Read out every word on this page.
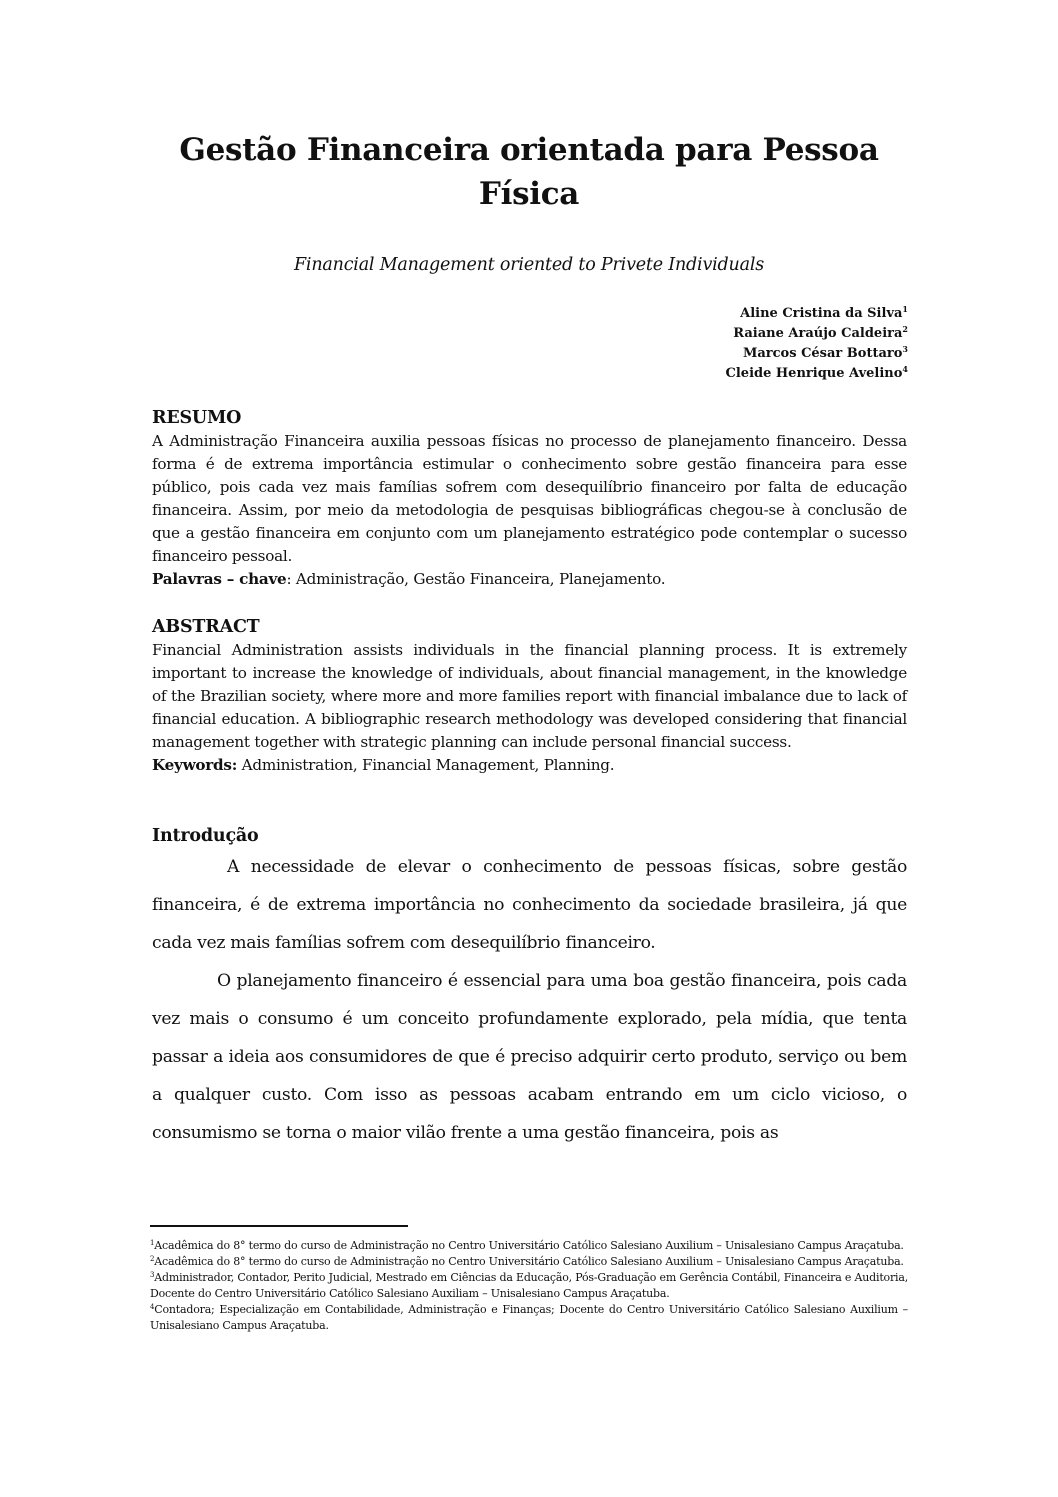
Gestão Financeira orientada para Pessoa Física
Financial Management oriented to Privete Individuals
Aline Cristina da Silva$^1$
Raiane Araújo Caldeira$^2$
Marcos César Bottaro$^3$
Cleide Henrique Avelino$^4$
RESUMO

A Administração Financeira auxilia pessoas físicas no processo de planejamento financeiro. Dessa forma é de extrema importância estimular o conhecimento sobre gestão financeira para esse público, pois cada vez mais famílias sofrem com desequilíbrio financeiro por falta de educação financeira. Assim, por meio da metodologia de pesquisas bibliográficas chegou-se à conclusão de que a gestão financeira em conjunto com um planejamento estratégico pode contemplar o sucesso financeiro pessoal.

Palavras – chave: Administração, Gestão Financeira, Planejamento.

ABSTRACT

Financial Administration assists individuals in the financial planning process. It is extremely important to increase the knowledge of individuals, about financial management, in the knowledge of the Brazilian society, where more and more families report with financial imbalance due to lack of financial education. A bibliographic research methodology was developed considering that financial management together with strategic planning can include personal financial success.

Keywords: Administration, Financial Management, Planning.

Introdução

A necessidade de elevar o conhecimento de pessoas físicas, sobre gestão financeira, é de extrema importância no conhecimento da sociedade brasileira, já que cada vez mais famílias sofrem com desequilíbrio financeiro.

O planejamento financeiro é essencial para uma boa gestão financeira, pois cada vez mais o consumo é um conceito profundamente explorado, pela mídia, que tenta passar a ideia aos consumidores de que é preciso adquirir certo produto, serviço ou bem a qualquer custo. Com isso as pessoas acabam entrando em um ciclo vicioso, o consumismo se torna o maior vilão frente a uma gestão financeira, pois as

$^1$Acadêmica do 8° termo do curso de Administração no Centro Universitário Católico Salesiano Auxilium – Unisalesiano Campus Araçatuba.

$^2$Acadêmica do 8° termo do curso de Administração no Centro Universitário Católico Salesiano Auxilium – Unisalesiano Campus Araçatuba.

$^3$Administrador, Contador, Perito Judicial, Mestrado em Ciências da Educação, Pós-Graduação em Gerência Contábil, Financeira e Auditoria, Docente do Centro Universitário Católico Salesiano Auxiliam – Unisalesiano Campus Araçatuba.

$^4$Contadora; Especialização em Contabilidade, Administração e Finanças; Docente do Centro Universitário Católico Salesiano Auxilium – Unisalesiano Campus Araçatuba.
